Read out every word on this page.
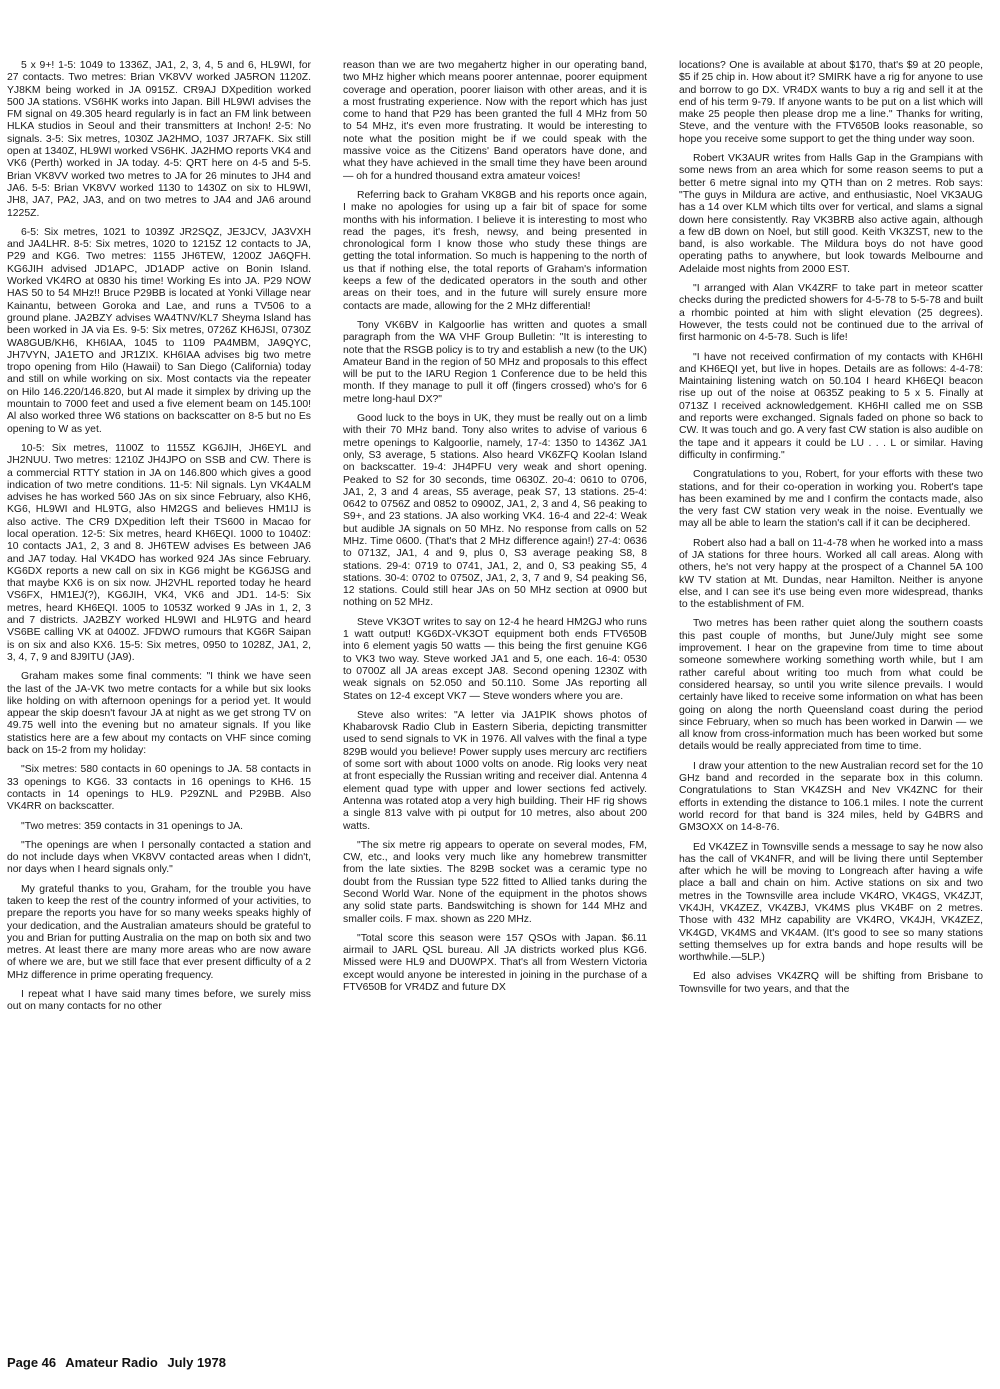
5 x 9+! 1-5: 1049 to 1336Z, JA1, 2, 3, 4, 5 and 6, HL9WI, for 27 contacts. Two metres: Brian VK8VV worked JA5RON 1120Z. YJ8KM being worked in JA 0915Z. CR9AJ DXpedition worked 500 JA stations. VS6HK works into Japan. Bill HL9WI advises the FM signal on 49.305 heard regularly is in fact an FM link between HLKA studios in Seoul and their transmitters at Inchon! 2-5: No signals. 3-5: Six metres, 1030Z JA2HMO, 1037 JR7AFK. Six still open at 1340Z, HL9WI worked VS6HK. JA2HMO reports VK4 and VK6 (Perth) worked in JA today. 4-5: QRT here on 4-5 and 5-5. Brian VK8VV worked two metres to JA for 26 minutes to JH4 and JA6. 5-5: Brian VK8VV worked 1130 to 1430Z on six to HL9WI, JH8, JA7, PA2, JA3, and on two metres to JA4 and JA6 around 1225Z.

6-5: Six metres, 1021 to 1039Z JR2SQZ, JE3JCV, JA3VXH and JA4LHR. 8-5: Six metres, 1020 to 1215Z 12 contacts to JA, P29 and KG6. Two metres: 1155 JH6TEW, 1200Z JA6QFH. KG6JIH advised JD1APC, JD1ADP active on Bonin Island. Worked VK4RO at 0830 his time! Working Es into JA. P29 NOW HAS 50 to 54 MHz!! Bruce P29BB is located at Yonki Village near Kainantu, between Goroka and Lae, and runs a TV506 to a ground plane. JA2BZY advises WA4TNV/KL7 Sheyma Island has been worked in JA via Es. 9-5: Six metres, 0726Z KH6JSI, 0730Z WA8GUB/KH6, KH6IAA, 1045 to 1109 PA4MBM, JA9QYC, JH7VYN, JA1ETO and JR1ZIX. KH6IAA advises big two metre tropo opening from Hilo (Hawaii) to San Diego (California) today and still on while working on six. Most contacts via the repeater on Hilo 146.220/146.820, but Al made it simplex by driving up the mountain to 7000 feet and used a five element beam on 145.100! Al also worked three W6 stations on backscatter on 8-5 but no Es opening to W as yet.

10-5: Six metres, 1100Z to 1155Z KG6JIH, JH6EYL and JH2NUU. Two metres: 1210Z JH4JPO on SSB and CW. There is a commercial RTTY station in JA on 146.800 which gives a good indication of two metre conditions. 11-5: Nil signals. Lyn VK4ALM advises he has worked 560 JAs on six since February, also KH6, KG6, HL9WI and HL9TG, also HM2GS and believes HM1IJ is also active. The CR9 DXpedition left their TS600 in Macao for local operation. 12-5: Six metres, heard KH6EQI. 1000 to 1040Z: 10 contacts JA1, 2, 3 and 8. JH6TEW advises Es between JA6 and JA7 today. Hal VK4DO has worked 924 JAs since February. KG6DX reports a new call on six in KG6 might be KG6JSG and that maybe KX6 is on six now. JH2VHL reported today he heard VS6FX, HM1EJ(?), KG6JIH, VK4, VK6 and JD1. 14-5: Six metres, heard KH6EQI. 1005 to 1053Z worked 9 JAs in 1, 2, 3 and 7 districts. JA2BZY worked HL9WI and HL9TG and heard VS6BE calling VK at 0400Z. JFDWO rumours that KG6R Saipan is on six and also KX6. 15-5: Six metres, 0950 to 1028Z, JA1, 2, 3, 4, 7, 9 and 8J9ITU (JA9).

Graham makes some final comments: "I think we have seen the last of the JA-VK two metre contacts for a while but six looks like holding on with afternoon openings for a period yet. It would appear the skip doesn't favour JA at night as we get strong TV on 49.75 well into the evening but no amateur signals. If you like statistics here are a few about my contacts on VHF since coming back on 15-2 from my holiday:

"Six metres: 580 contacts in 60 openings to JA. 58 contacts in 33 openings to KG6. 33 contacts in 16 openings to KH6. 15 contacts in 14 openings to HL9. P29ZNL and P29BB. Also VK4RR on backscatter.

"Two metres: 359 contacts in 31 openings to JA.

"The openings are when I personally contacted a station and do not include days when VK8VV contacted areas when I didn't, nor days when I heard signals only."

My grateful thanks to you, Graham, for the trouble you have taken to keep the rest of the country informed of your activities, to prepare the reports you have for so many weeks speaks highly of your dedication, and the Australian amateurs should be grateful to you and Brian for putting Australia on the map on both six and two metres. At least there are many more areas who are now aware of where we are, but we still face that ever present difficulty of a 2 MHz difference in prime operating frequency.

I repeat what I have said many times before, we surely miss out on many contacts for no other

reason than we are two megahertz higher in our operating band, two MHz higher which means poorer antennae, poorer equipment coverage and operation, poorer liaison with other areas, and it is a most frustrating experience. Now with the report which has just come to hand that P29 has been granted the full 4 MHz from 50 to 54 MHz, it's even more frustrating. It would be interesting to note what the position might be if we could speak with the massive voice as the Citizens' Band operators have done, and what they have achieved in the small time they have been around — oh for a hundred thousand extra amateur voices!

Referring back to Graham VK8GB and his reports once again, I make no apologies for using up a fair bit of space for some months with his information. I believe it is interesting to most who read the pages, it's fresh, newsy, and being presented in chronological form I know those who study these things are getting the total information. So much is happening to the north of us that if nothing else, the total reports of Graham's information keeps a few of the dedicated operators in the south and other areas on their toes, and in the future will surely ensure more contacts are made, allowing for the 2 MHz differential!

Tony VK6BV in Kalgoorlie has written and quotes a small paragraph from the WA VHF Group Bulletin: "It is interesting to note that the RSGB policy is to try and establish a new (to the UK) Amateur Band in the region of 50 MHz and proposals to this effect will be put to the IARU Region 1 Conference due to be held this month. If they manage to pull it off (fingers crossed) who's for 6 metre long-haul DX?"

Good luck to the boys in UK, they must be really out on a limb with their 70 MHz band. Tony also writes to advise of various 6 metre openings to Kalgoorlie, namely, 17-4: 1350 to 1436Z JA1 only, S3 average, 5 stations. Also heard VK6ZFQ Koolan Island on backscatter. 19-4: JH4PFU very weak and short opening. Peaked to S2 for 30 seconds, time 0630Z. 20-4: 0610 to 0706, JA1, 2, 3 and 4 areas, S5 average, peak S7, 13 stations. 25-4: 0642 to 0756Z and 0852 to 0900Z, JA1, 2, 3 and 4, S6 peaking to S9+, and 23 stations. JA also working VK4. 16-4 and 22-4: Weak but audible JA signals on 50 MHz. No response from calls on 52 MHz. Time 0600. (That's that 2 MHz difference again!) 27-4: 0636 to 0713Z, JA1, 4 and 9, plus 0, S3 average peaking S8, 8 stations. 29-4: 0719 to 0741, JA1, 2, and 0, S3 peaking S5, 4 stations. 30-4: 0702 to 0750Z, JA1, 2, 3, 7 and 9, S4 peaking S6, 12 stations. Could still hear JAs on 50 MHz section at 0900 but nothing on 52 MHz.

Steve VK3OT writes to say on 12-4 he heard HM2GJ who runs 1 watt output! KG6DX-VK3OT equipment both ends FTV650B into 6 element yagis 50 watts — this being the first genuine KG6 to VK3 two way. Steve worked JA1 and 5, one each. 16-4: 0530 to 0700Z all JA areas except JA8. Second opening 1230Z with weak signals on 52.050 and 50.110. Some JAs reporting all States on 12-4 except VK7 — Steve wonders where you are.

Steve also writes: "A letter via JA1PIK shows photos of Khabarovsk Radio Club in Eastern Siberia, depicting transmitter used to send signals to VK in 1976. All valves with the final a type 829B would you believe! Power supply uses mercury arc rectifiers of some sort with about 1000 volts on anode. Rig looks very neat at front especially the Russian writing and receiver dial. Antenna 4 element quad type with upper and lower sections fed actively. Antenna was rotated atop a very high building. Their HF rig shows a single 813 valve with pi output for 10 metres, also about 200 watts.

"The six metre rig appears to operate on several modes, FM, CW, etc., and looks very much like any homebrew transmitter from the late sixties. The 829B socket was a ceramic type no doubt from the Russian type 522 fitted to Allied tanks during the Second World War. None of the equipment in the photos shows any solid state parts. Bandswitching is shown for 144 MHz and smaller coils. F max. shown as 220 MHz.

"Total score this season were 157 QSOs with Japan. $6.11 airmail to JARL QSL bureau. All JA districts worked plus KG6. Missed were HL9 and DU0WPX. That's all from Western Victoria except would anyone be interested in joining in the purchase of a FTV650B for VR4DZ and future DX

locations? One is available at about $170, that's $9 at 20 people, $5 if 25 chip in. How about it? SMIRK have a rig for anyone to use and borrow to go DX. VR4DX wants to buy a rig and sell it at the end of his term 9-79. If anyone wants to be put on a list which will make 25 people then please drop me a line." Thanks for writing, Steve, and the venture with the FTV650B looks reasonable, so hope you receive some support to get the thing under way soon.

Robert VK3AUR writes from Halls Gap in the Grampians with some news from an area which for some reason seems to put a better 6 metre signal into my QTH than on 2 metres. Rob says: "The guys in Mildura are active, and enthusiastic, Noel VK3AUG has a 14 over KLM which tilts over for vertical, and slams a signal down here consistently. Ray VK3BRB also active again, although a few dB down on Noel, but still good. Keith VK3ZST, new to the band, is also workable. The Mildura boys do not have good operating paths to anywhere, but look towards Melbourne and Adelaide most nights from 2000 EST.

"I arranged with Alan VK4ZRF to take part in meteor scatter checks during the predicted showers for 4-5-78 to 5-5-78 and built a rhombic pointed at him with slight elevation (25 degrees). However, the tests could not be continued due to the arrival of first harmonic on 4-5-78. Such is life!

"I have not received confirmation of my contacts with KH6HI and KH6EQI yet, but live in hopes. Details are as follows: 4-4-78: Maintaining listening watch on 50.104 I heard KH6EQI beacon rise up out of the noise at 0635Z peaking to 5 x 5. Finally at 0713Z I received acknowledgement. KH6HI called me on SSB and reports were exchanged. Signals faded on phone so back to CW. It was touch and go. A very fast CW station is also audible on the tape and it appears it could be LU . . . L or similar. Having difficulty in confirming."

Congratulations to you, Robert, for your efforts with these two stations, and for their co-operation in working you. Robert's tape has been examined by me and I confirm the contacts made, also the very fast CW station very weak in the noise. Eventually we may all be able to learn the station's call if it can be deciphered.

Robert also had a ball on 11-4-78 when he worked into a mass of JA stations for three hours. Worked all call areas. Along with others, he's not very happy at the prospect of a Channel 5A 100 kW TV station at Mt. Dundas, near Hamilton. Neither is anyone else, and I can see it's use being even more widespread, thanks to the establishment of FM.

Two metres has been rather quiet along the southern coasts this past couple of months, but June/July might see some improvement. I hear on the grapevine from time to time about someone somewhere working something worth while, but I am rather careful about writing too much from what could be considered hearsay, so until you write silence prevails. I would certainly have liked to receive some information on what has been going on along the north Queensland coast during the period since February, when so much has been worked in Darwin — we all know from cross-information much has been worked but some details would be really appreciated from time to time.

I draw your attention to the new Australian record set for the 10 GHz band and recorded in the separate box in this column. Congratulations to Stan VK4ZSH and Nev VK4ZNC for their efforts in extending the distance to 106.1 miles. I note the current world record for that band is 324 miles, held by G4BRS and GM3OXX on 14-8-76.

Ed VK4ZEZ in Townsville sends a message to say he now also has the call of VK4NFR, and will be living there until September after which he will be moving to Longreach after having a wife place a ball and chain on him. Active stations on six and two metres in the Townsville area include VK4RO, VK4GS, VK4ZJT, VK4JH, VK4ZEZ, VK4ZBJ, VK4MS plus VK4BF on 2 metres. Those with 432 MHz capability are VK4RO, VK4JH, VK4ZEZ, VK4GD, VK4MS and VK4AM. (It's good to see so many stations setting themselves up for extra bands and hope results will be worthwhile.—5LP.)

Ed also advises VK4ZRQ will be shifting from Brisbane to Townsville for two years, and that the

Page 46 Amateur Radio July 1978
